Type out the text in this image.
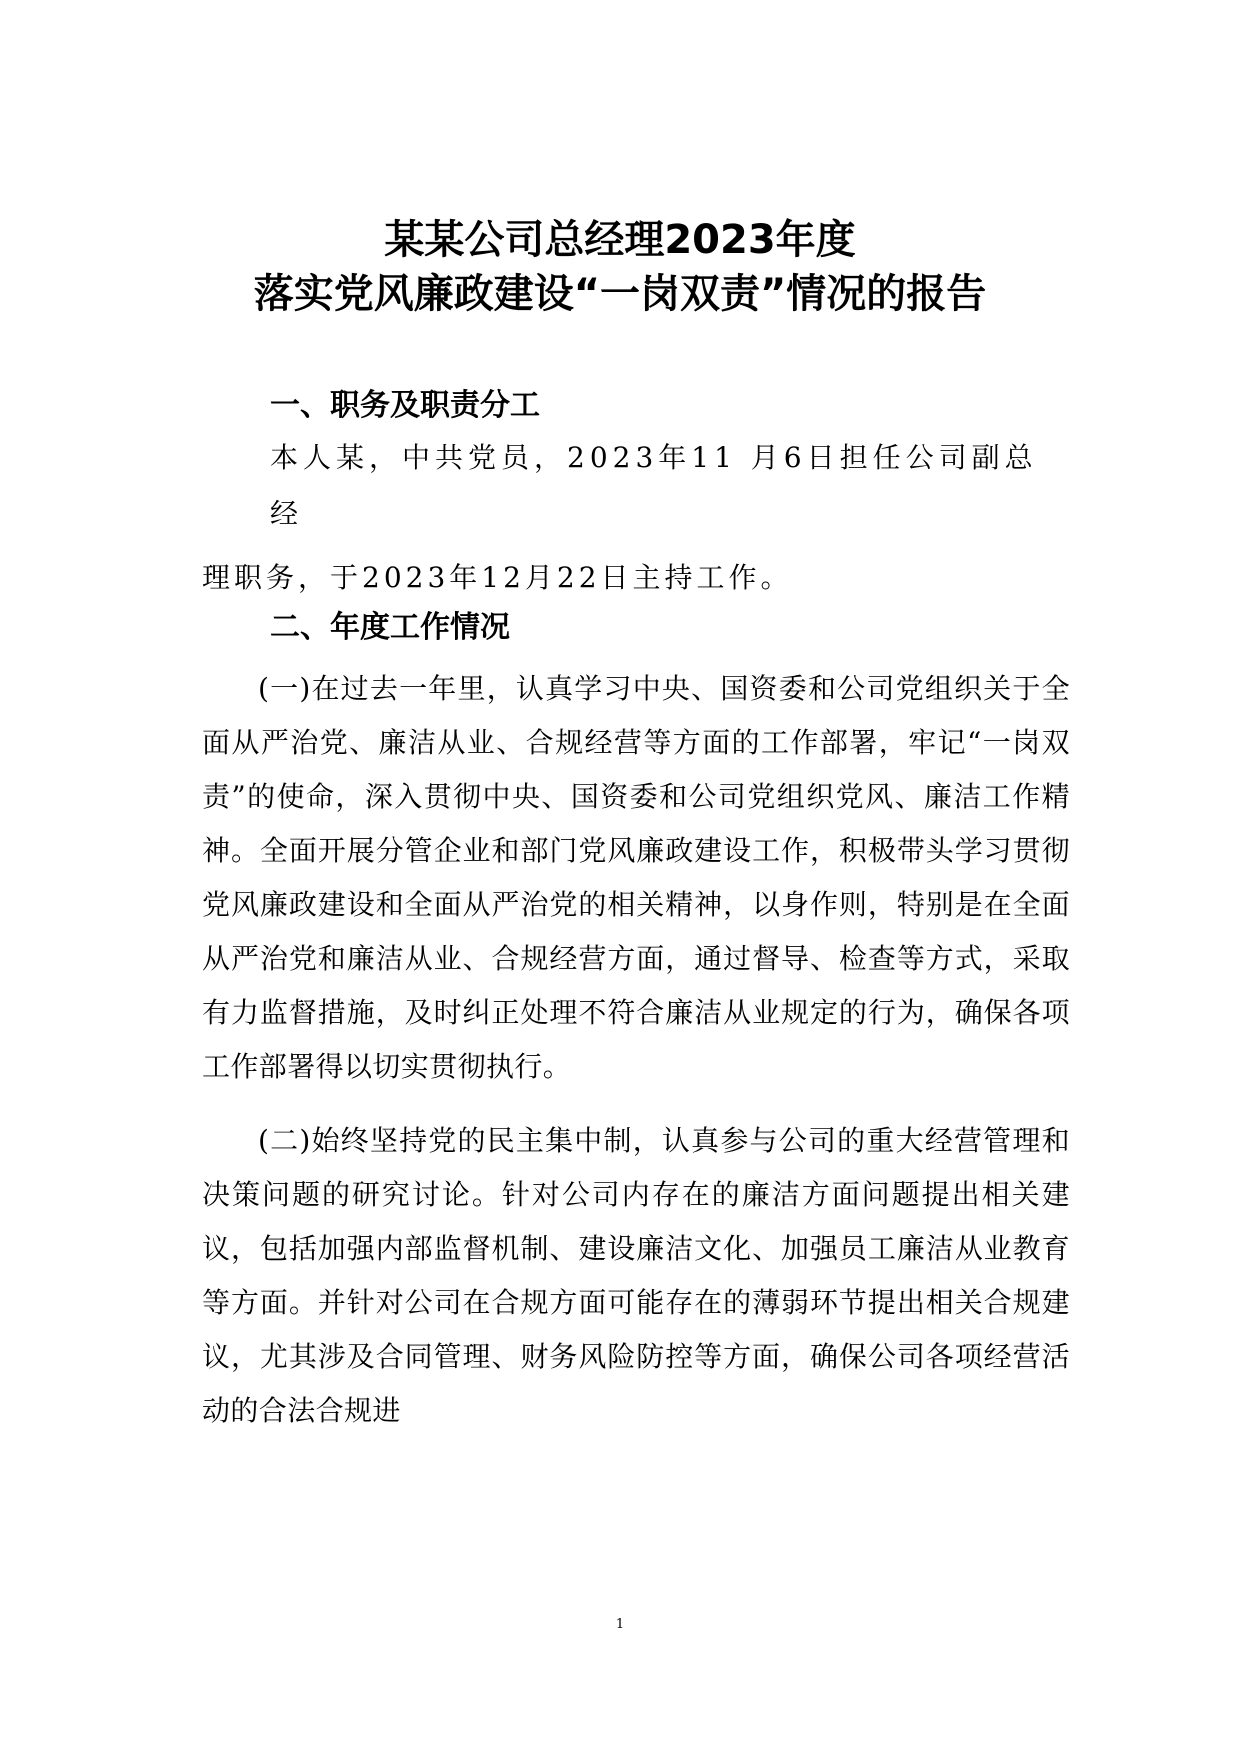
某某公司总经理2023年度
落实党风廉政建设“一岗双责”情况的报告
一、职务及职责分工

本人某，中共党员，2023年11 月6日担任公司副总

经

理职务，于2023年12月22日主持工作。

二、年度工作情况

(一)在过去一年里，认真学习中央、国资委和公司党组织关于全面从严治党、廉洁从业、合规经营等方面的工作部署，牢记“一岗双责”的使命，深入贯彻中央、国资委和公司党组织党风、廉洁工作精神。全面开展分管企业和部门党风廉政建设工作，积极带头学习贯彻党风廉政建设和全面从严治党的相关精神，以身作则，特别是在全面从严治党和廉洁从业、合规经营方面，通过督导、检查等方式，采取有力监督措施，及时纠正处理不符合廉洁从业规定的行为，确保各项工作部署得以切实贯彻执行。

(二)始终坚持党的民主集中制，认真参与公司的重大经营管理和决策问题的研究讨论。针对公司内存在的廉洁方面问题提出相关建议，包括加强内部监督机制、建设廉洁文化、加强员工廉洁从业教育等方面。并针对公司在合规方面可能存在的薄弱环节提出相关合规建议，尤其涉及合同管理、财务风险防控等方面，确保公司各项经营活动的合法合规进

1
